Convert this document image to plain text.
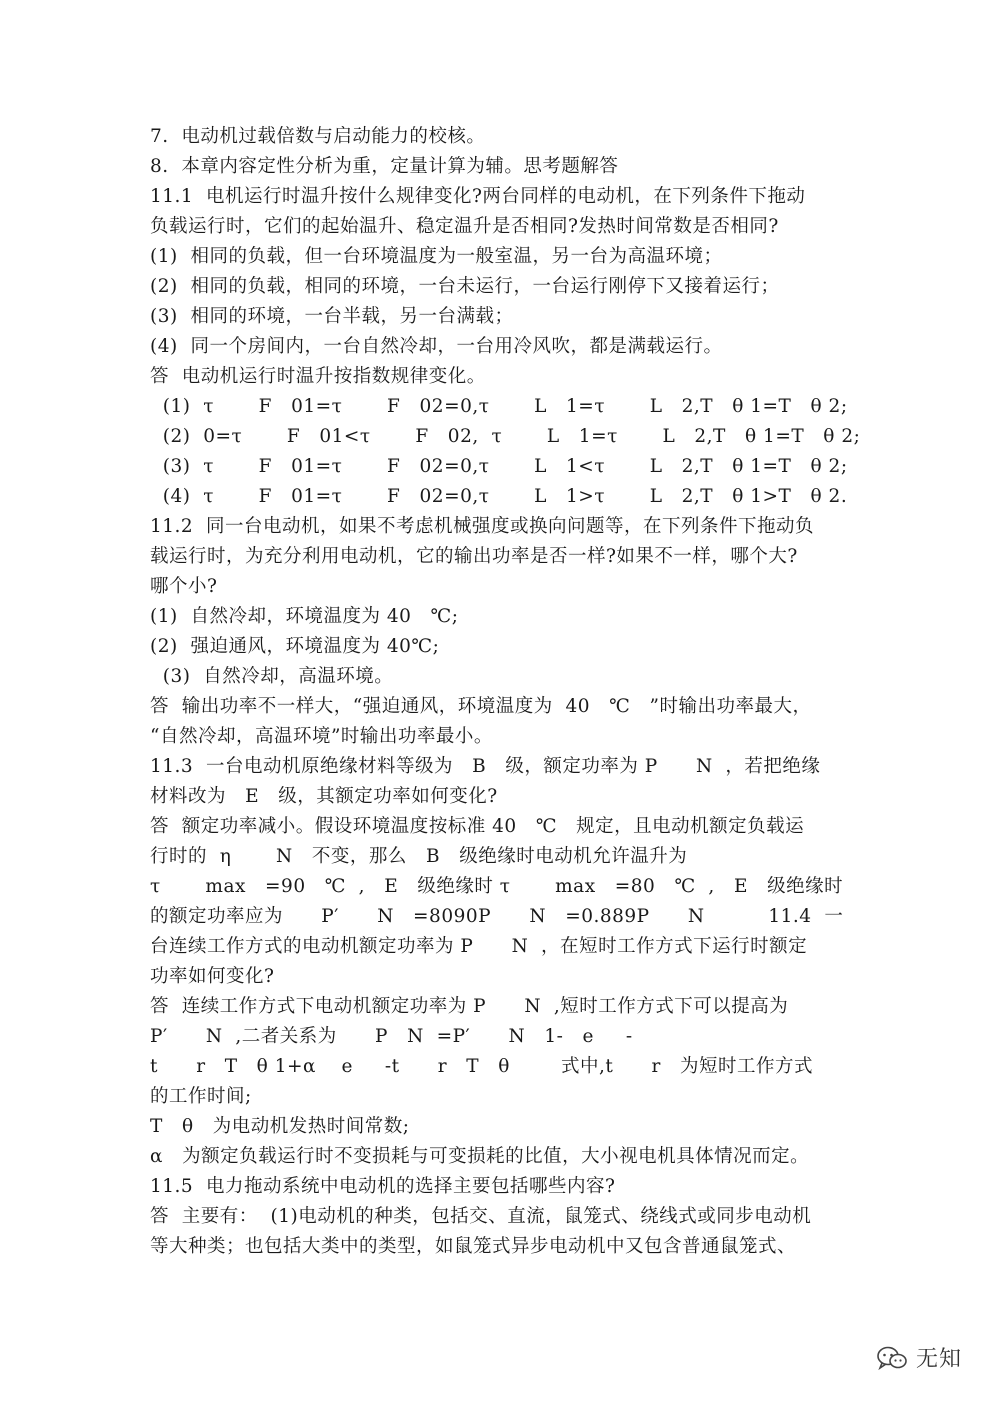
7.  电动机过载倍数与启动能力的校核。
8.  本章内容定性分析为重，定量计算为辅。思考题解答
11.1  电机运行时温升按什么规律变化?两台同样的电动机，在下列条件下拖动
负载运行时，它们的起始温升、稳定温升是否相同?发热时间常数是否相同?
(1)  相同的负载，但一台环境温度为一般室温，另一台为高温环境；
(2)  相同的负载，相同的环境，一台未运行，一台运行刚停下又接着运行；
(3)  相同的环境，一台半载，另一台满载；
(4)  同一个房间内，一台自然冷却，一台用冷风吹，都是满载运行。
答  电动机运行时温升按指数规律变化。
(1)  τ       F   01=τ       F   02=0,τ       L   1=τ       L   2,T   θ 1=T   θ 2;
(2)  0=τ       F   01<τ       F   02,  τ       L   1=τ       L   2,T   θ 1=T   θ 2;
(3)  τ       F   01=τ       F   02=0,τ       L   1<τ       L   2,T   θ 1=T   θ 2;
(4)  τ       F   01=τ       F   02=0,τ       L   1>τ       L   2,T   θ 1>T   θ 2.
11.2  同一台电动机，如果不考虑机械强度或换向问题等，在下列条件下拖动负
载运行时，为充分利用电动机，它的输出功率是否一样?如果不一样，哪个大?
哪个小?
(1)  自然冷却，环境温度为 40   ℃;
(2)  强迫通风，环境温度为 40℃;
(3)  自然冷却，高温环境。
答  输出功率不一样大，“强迫通风，环境温度为  40   ℃   ”时输出功率最大，
“自然冷却，高温环境”时输出功率最小。
11.3  一台电动机原绝缘材料等级为   B   级，额定功率为 P      N  ，若把绝缘
材料改为   E   级，其额定功率如何变化?
答  额定功率减小。假设环境温度按标准 40   ℃   规定，且电动机额定负载运
行时的  η       N   不变，那么   B   级绝缘时电动机允许温升为
τ       max   =90   ℃  ,   E   级绝缘时 τ       max   =80   ℃  ,   E   级绝缘时
的额定功率应为      P′      N   =8090P      N   =0.889P      N          11.4  一
台连续工作方式的电动机额定功率为 P      N  ，在短时工作方式下运行时额定
功率如何变化?
答  连续工作方式下电动机额定功率为 P      N  ,短时工作方式下可以提高为
P′      N  ,二者关系为      P   N  =P′      N   1-   e     -
t      r   T   θ 1+α    e     -t      r   T   θ        式中,t      r   为短时工作方式
的工作时间;
T   θ   为电动机发热时间常数;
α   为额定负载运行时不变损耗与可变损耗的比值，大小视电机具体情况而定。
11.5  电力拖动系统中电动机的选择主要包括哪些内容?
答  主要有：  (1)电动机的种类，包括交、直流，鼠笼式、绕线式或同步电动机
等大种类；也包括大类中的类型，如鼠笼式异步电动机中又包含普通鼠笼式、
无知
